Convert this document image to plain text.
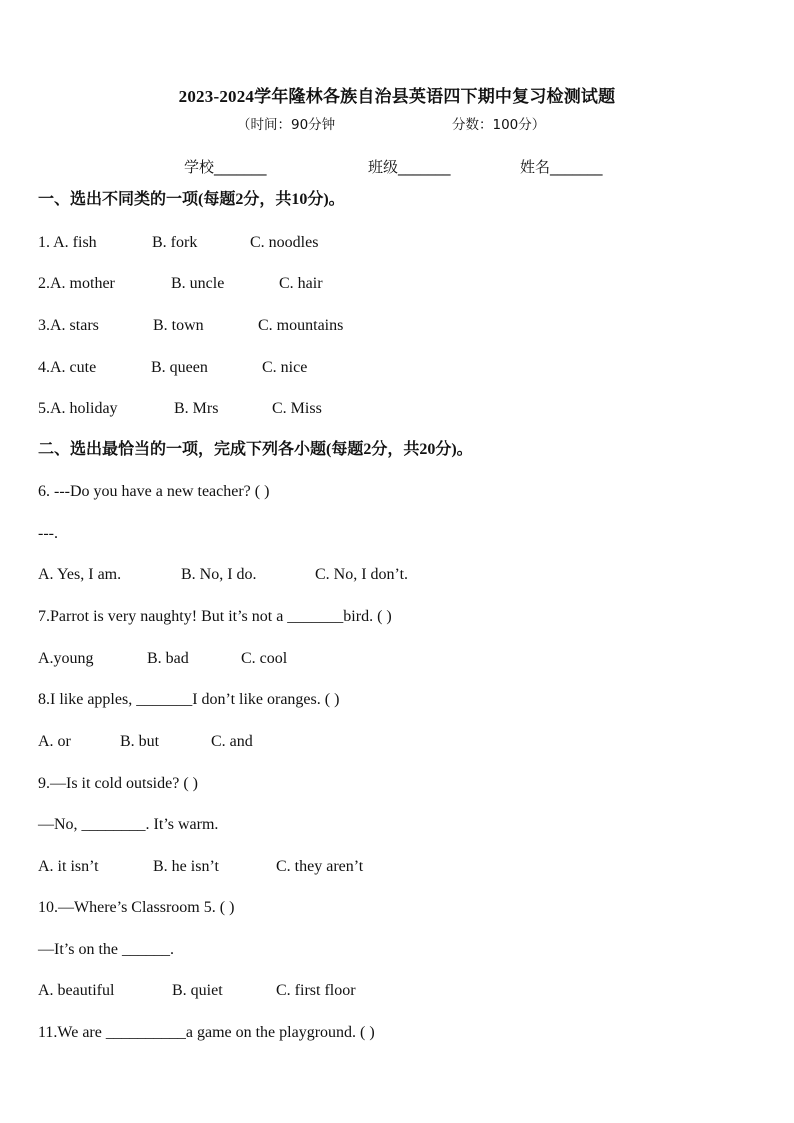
2023-2024学年隆林各族自治县英语四下期中复习检测试题
（时间：90分钟	分数：100分）
学校_______	班级_______	姓名_______
一、选出不同类的一项(每题2分，共10分)。
1. A. fish	B. fork	C. noodles
2.A. mother	B. uncle	C. hair
3.A. stars	B. town	C. mountains
4.A. cute	B. queen	C. nice
5.A. holiday	B. Mrs	C. Miss
二、选出最恰当的一项，完成下列各小题(每题2分，共20分)。
6. ---Do you have a new teacher? ( )
---.
A. Yes, I am.	B. No, I do.	C. No, I don’t.
7.Parrot is very naughty! But it’s not a _______bird. ( )
A.young	B. bad	C. cool
8.I like apples, _______I don’t like oranges. ( )
A. or	B. but	C. and
9.—Is it cold outside? ( )
—No, ________. It’s warm.
A. it isn’t	B. he isn’t	C. they aren’t
10.—Where’s Classroom 5. ( )
—It’s on the ______.
A. beautiful	B. quiet	C. first floor
11.We are __________a game on the playground. ( )
